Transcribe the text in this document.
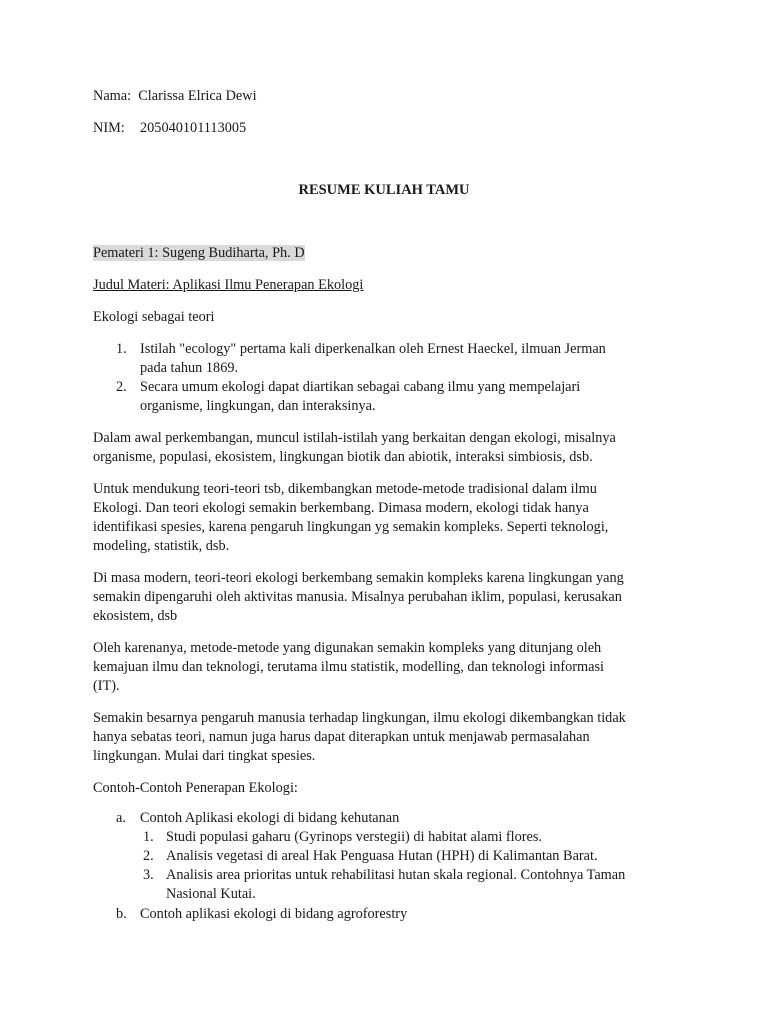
Nama: Clarissa Elrica Dewi
NIM: 205040101113005
RESUME KULIAH TAMU
Pemateri 1: Sugeng Budiharta, Ph. D
Judul Materi: Aplikasi Ilmu Penerapan Ekologi
Ekologi sebagai teori
1. Istilah "ecology" pertama kali diperkenalkan oleh Ernest Haeckel, ilmuan Jerman
pada tahun 1869.
2. Secara umum ekologi dapat diartikan sebagai cabang ilmu yang mempelajari
organisme, lingkungan, dan interaksinya.
Dalam awal perkembangan, muncul istilah-istilah yang berkaitan dengan ekologi, misalnya
organisme, populasi, ekosistem, lingkungan biotik dan abiotik, interaksi simbiosis, dsb.
Untuk mendukung teori-teori tsb, dikembangkan metode-metode tradisional dalam ilmu
Ekologi. Dan teori ekologi semakin berkembang. Dimasa modern, ekologi tidak hanya
identifikasi spesies, karena pengaruh lingkungan yg semakin kompleks. Seperti teknologi,
modeling, statistik, dsb.
Di masa modern, teori-teori ekologi berkembang semakin kompleks karena lingkungan yang
semakin dipengaruhi oleh aktivitas manusia. Misalnya perubahan iklim, populasi, kerusakan
ekosistem, dsb
Oleh karenanya, metode-metode yang digunakan semakin kompleks yang ditunjang oleh
kemajuan ilmu dan teknologi, terutama ilmu statistik, modelling, dan teknologi informasi
(IT).
Semakin besarnya pengaruh manusia terhadap lingkungan, ilmu ekologi dikembangkan tidak
hanya sebatas teori, namun juga harus dapat diterapkan untuk menjawab permasalahan
lingkungan. Mulai dari tingkat spesies.
Contoh-Contoh Penerapan Ekologi:
a. Contoh Aplikasi ekologi di bidang kehutanan
1. Studi populasi gaharu (Gyrinops verstegii) di habitat alami flores.
2. Analisis vegetasi di areal Hak Penguasa Hutan (HPH) di Kalimantan Barat.
3. Analisis area prioritas untuk rehabilitasi hutan skala regional. Contohnya Taman
Nasional Kutai.
b. Contoh aplikasi ekologi di bidang agroforestry
